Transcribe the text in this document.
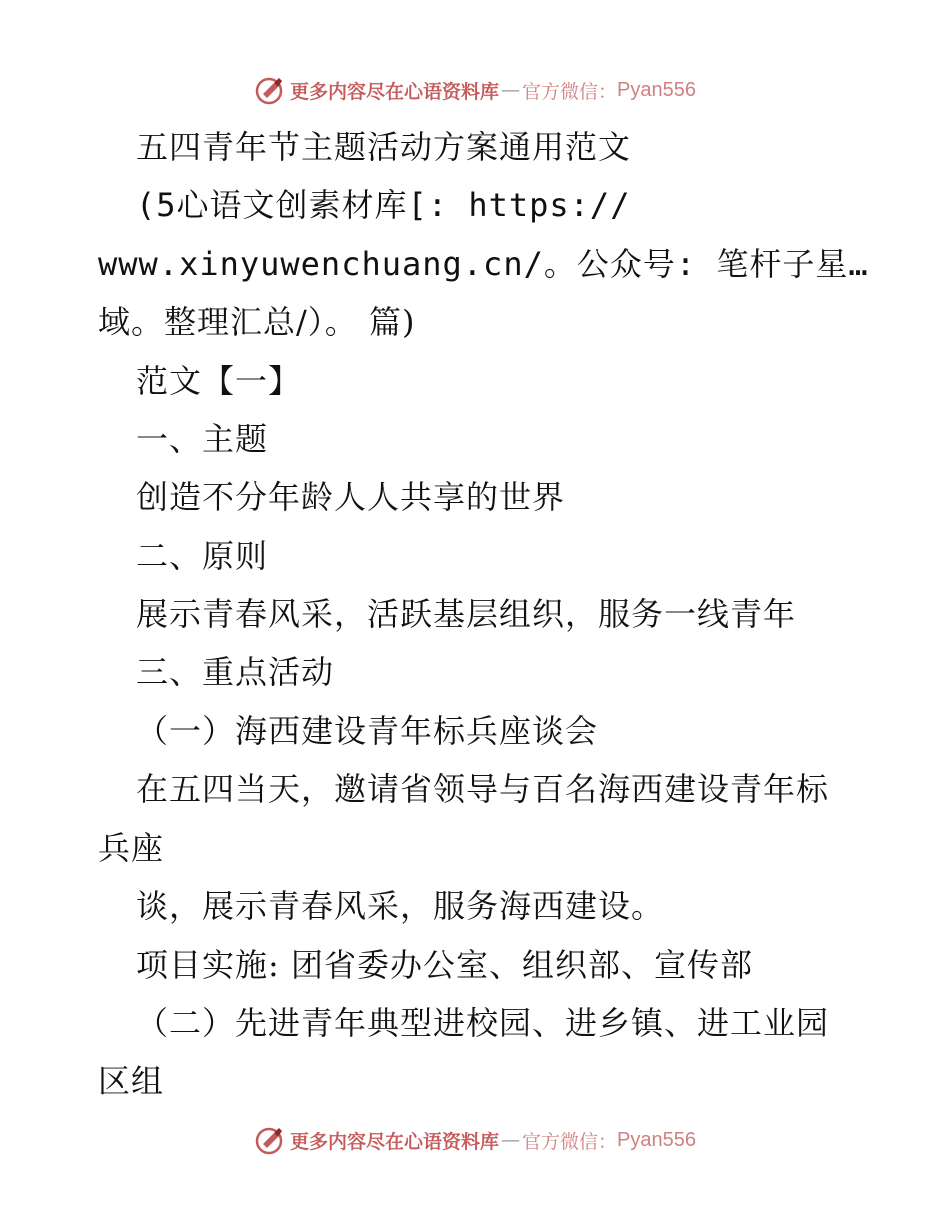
更多内容尽在心语资料库 — 官方微信： Pyan556
五四青年节主题活动方案通用范文
(5心语文创素材库[: https://
www.xinyuwenchuang.cn/。公众号: 笔杆子星…
域。整理汇总/）。 篇)
范文【一】
一、主题
创造不分年龄人人共享的世界
二、原则
展示青春风采，活跃基层组织，服务一线青年
三、重点活动
（一）海西建设青年标兵座谈会
在五四当天，邀请省领导与百名海西建设青年标
兵座
谈，展示青春风采，服务海西建设。
项目实施: 团省委办公室、组织部、宣传部
（二）先进青年典型进校园、进乡镇、进工业园
区组
更多内容尽在心语资料库 — 官方微信： Pyan556
